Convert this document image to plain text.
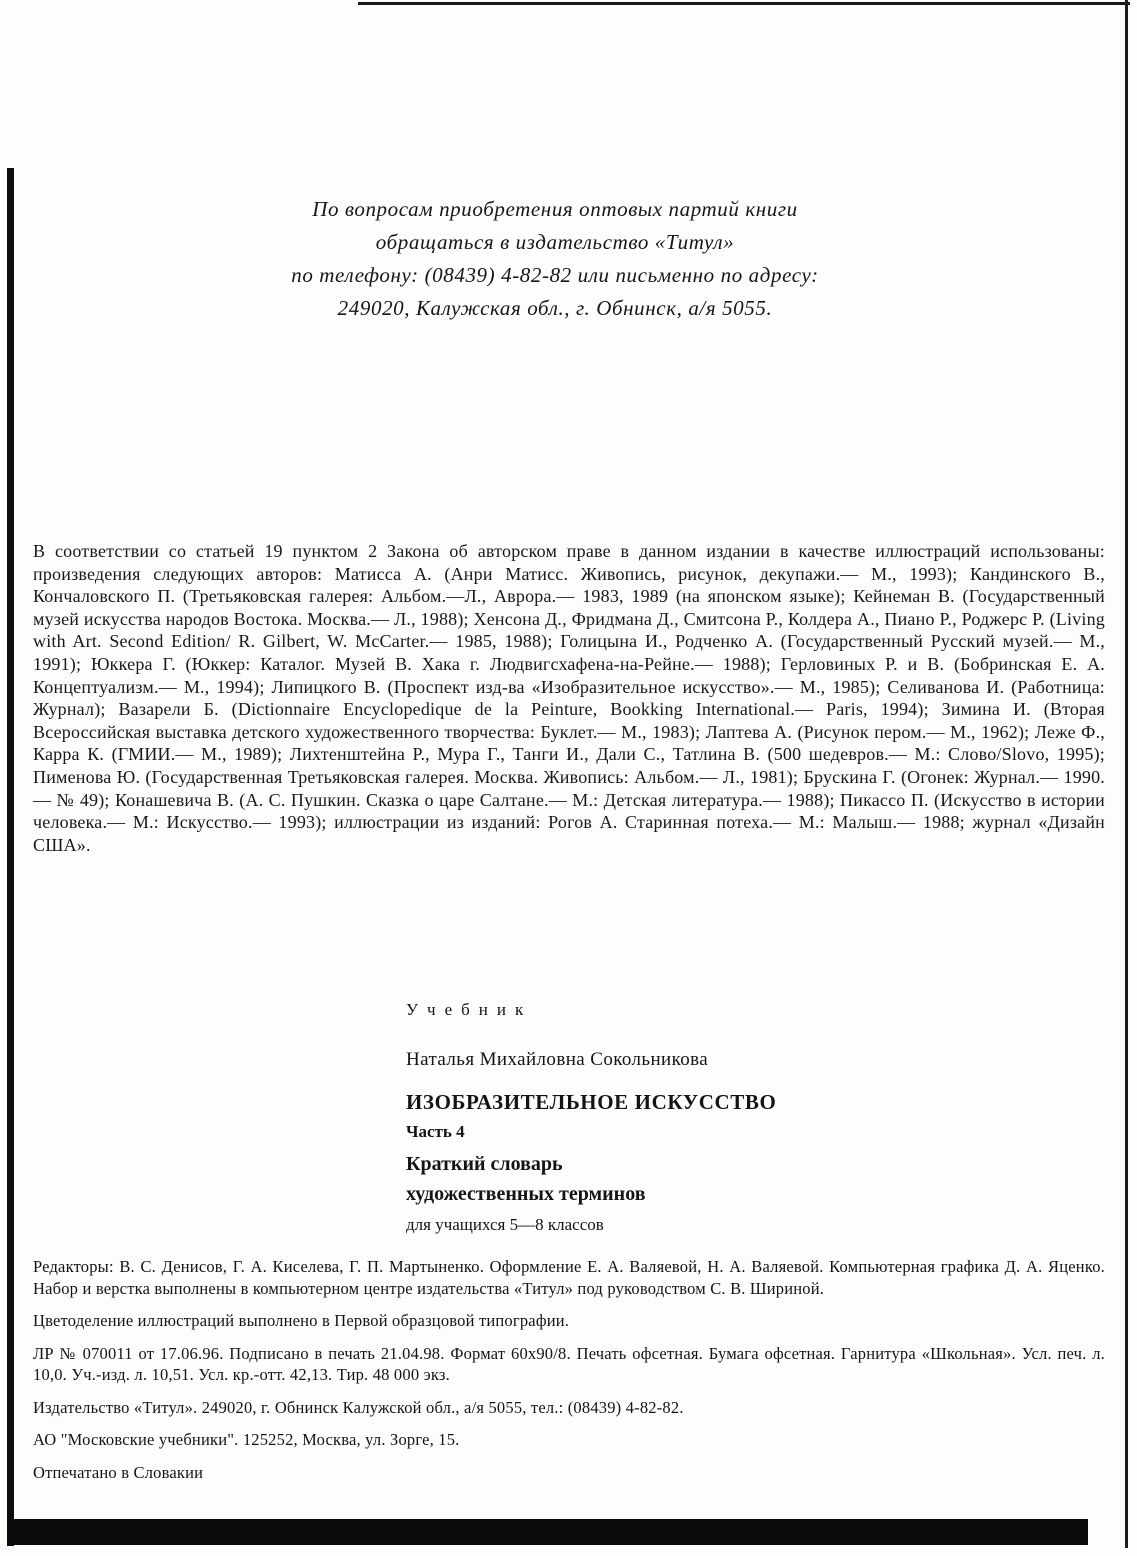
По вопросам приобретения оптовых партий книги
обращаться в издательство «Титул»
по телефону: (08439) 4-82-82 или письменно по адресу:
249020, Калужская обл., г. Обнинск, а/я 5055.
В соответствии со статьей 19 пунктом 2 Закона об авторском праве в данном издании в качестве иллюстраций использованы: произведения следующих авторов: Матисса А. (Анри Матисс. Живопись, рисунок, декупажи.— М., 1993); Кандинского В., Кончаловского П. (Третьяковская галерея: Альбом.—Л., Аврора.— 1983, 1989 (на японском языке); Кейнеман В. (Государственный музей искусства народов Востока. Москва.— Л., 1988); Хенсона Д., Фридмана Д., Смитсона Р., Колдера А., Пиано Р., Роджерс Р. (Living with Art. Second Edition/ R. Gilbert, W. McCarter.— 1985, 1988); Голицына И., Родченко А. (Государственный Русский музей.— М., 1991); Юккера Г. (Юккер: Каталог. Музей В. Хака г. Людвигсхафена-на-Рейне.— 1988); Герловиных Р. и В. (Бобринская Е. А. Концептуализм.— М., 1994); Липицкого В. (Проспект изд-ва «Изобразительное искусство».— М., 1985); Селиванова И. (Работница: Журнал); Вазарели Б. (Dictionnaire Encyclopedique de la Peinture, Bookking International.— Paris, 1994); Зимина И. (Вторая Всероссийская выставка детского художественного творчества: Буклет.— М., 1983); Лаптева А. (Рисунок пером.— М., 1962); Леже Ф., Карра К. (ГМИИ.— М., 1989); Лихтенштейна Р., Мура Г., Танги И., Дали С., Татлина В. (500 шедевров.— М.: Слово/Slovo, 1995); Пименова Ю. (Государственная Третьяковская галерея. Москва. Живопись: Альбом.— Л., 1981); Брускина Г. (Огонек: Журнал.— 1990.— № 49); Конашевича В. (А. С. Пушкин. Сказка о царе Салтане.— М.: Детская литература.— 1988); Пикассо П. (Искусство в истории человека.— М.: Искусство.— 1993); иллюстрации из изданий: Рогов А. Старинная потеха.— М.: Малыш.— 1988; журнал «Дизайн США».
Учебник
Наталья Михайловна Сокольникова
ИЗОБРАЗИТЕЛЬНОЕ ИСКУССТВО
Часть 4
Краткий словарь
художественных терминов
для учащихся 5—8 классов

Редакторы: В. С. Денисов, Г. А. Киселева, Г. П. Мартыненко. Оформление Е. А. Валяевой, Н. А. Валяевой. Компьютерная графика Д. А. Яценко. Набор и верстка выполнены в компьютерном центре издательства «Титул» под руководством С. В. Шириной.

Цветоделение иллюстраций выполнено в Первой образцовой типографии.

ЛР № 070011 от 17.06.96. Подписано в печать 21.04.98. Формат 60х90/8. Печать офсетная. Бумага офсетная. Гарнитура «Школьная». Усл. печ. л. 10,0. Уч.-изд. л. 10,51. Усл. кр.-отт. 42,13. Тир. 48 000 экз.

Издательство «Титул». 249020, г. Обнинск Калужской обл., а/я 5055, тел.: (08439) 4-82-82.

АО "Московские учебники". 125252, Москва, ул. Зорге, 15.

Отпечатано в Словакии
